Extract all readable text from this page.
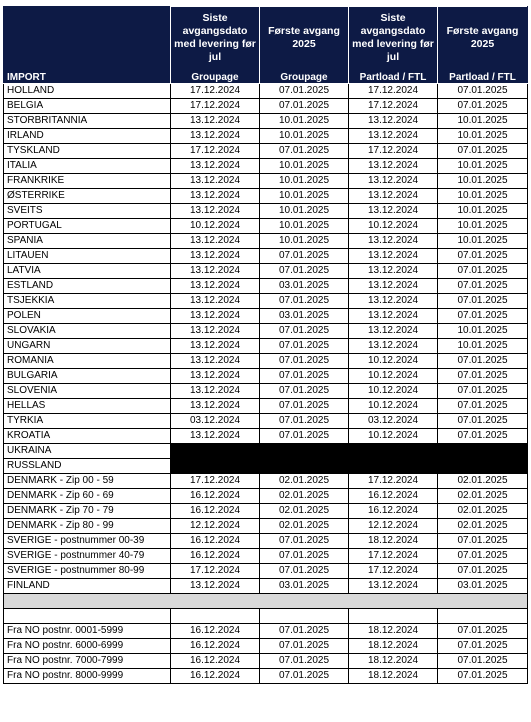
	Siste avgangsdato med levering før jul	Første avgang 2025	Siste avgangsdato med levering før jul	Første avgang 2025
IMPORT	Groupage	Groupage	Partload / FTL	Partload / FTL
HOLLAND	17.12.2024	07.01.2025	17.12.2024	07.01.2025
BELGIA	17.12.2024	07.01.2025	17.12.2024	07.01.2025
STORBRITANNIA	13.12.2024	10.01.2025	13.12.2024	10.01.2025
IRLAND	13.12.2024	10.01.2025	13.12.2024	10.01.2025
TYSKLAND	17.12.2024	07.01.2025	17.12.2024	07.01.2025
ITALIA	13.12.2024	10.01.2025	13.12.2024	10.01.2025
FRANKRIKE	13.12.2024	10.01.2025	13.12.2024	10.01.2025
ØSTERRIKE	13.12.2024	10.01.2025	13.12.2024	10.01.2025
SVEITS	13.12.2024	10.01.2025	13.12.2024	10.01.2025
PORTUGAL	10.12.2024	10.01.2025	10.12.2024	10.01.2025
SPANIA	13.12.2024	10.01.2025	13.12.2024	10.01.2025
LITAUEN	13.12.2024	07.01.2025	13.12.2024	07.01.2025
LATVIA	13.12.2024	07.01.2025	13.12.2024	07.01.2025
ESTLAND	13.12.2024	03.01.2025	13.12.2024	07.01.2025
TSJEKKIA	13.12.2024	07.01.2025	13.12.2024	07.01.2025
POLEN	13.12.2024	03.01.2025	13.12.2024	07.01.2025
SLOVAKIA	13.12.2024	07.01.2025	13.12.2024	10.01.2025
UNGARN	13.12.2024	07.01.2025	13.12.2024	10.01.2025
ROMANIA	13.12.2024	07.01.2025	10.12.2024	07.01.2025
BULGARIA	13.12.2024	07.01.2025	10.12.2024	07.01.2025
SLOVENIA	13.12.2024	07.01.2025	10.12.2024	07.01.2025
HELLAS	13.12.2024	07.01.2025	10.12.2024	07.01.2025
TYRKIA	03.12.2024	07.01.2025	03.12.2024	07.01.2025
KROATIA	13.12.2024	07.01.2025	10.12.2024	07.01.2025
UKRAINA				
RUSSLAND				
DENMARK - Zip 00 - 59	17.12.2024	02.01.2025	17.12.2024	02.01.2025
DENMARK - Zip 60 - 69	16.12.2024	02.01.2025	16.12.2024	02.01.2025
DENMARK - Zip 70 - 79	16.12.2024	02.01.2025	16.12.2024	02.01.2025
DENMARK - Zip 80 - 99	12.12.2024	02.01.2025	12.12.2024	02.01.2025
SVERIGE - postnummer 00-39	16.12.2024	07.01.2025	18.12.2024	07.01.2025
SVERIGE - postnummer 40-79	16.12.2024	07.01.2025	17.12.2024	07.01.2025
SVERIGE - postnummer 80-99	17.12.2024	07.01.2025	17.12.2024	07.01.2025
FINLAND	13.12.2024	03.01.2025	13.12.2024	03.01.2025

Fra NO postnr. 0001-5999	16.12.2024	07.01.2025	18.12.2024	07.01.2025
Fra NO postnr. 6000-6999	16.12.2024	07.01.2025	18.12.2024	07.01.2025
Fra NO postnr. 7000-7999	16.12.2024	07.01.2025	18.12.2024	07.01.2025
Fra NO postnr. 8000-9999	16.12.2024	07.01.2025	18.12.2024	07.01.2025
